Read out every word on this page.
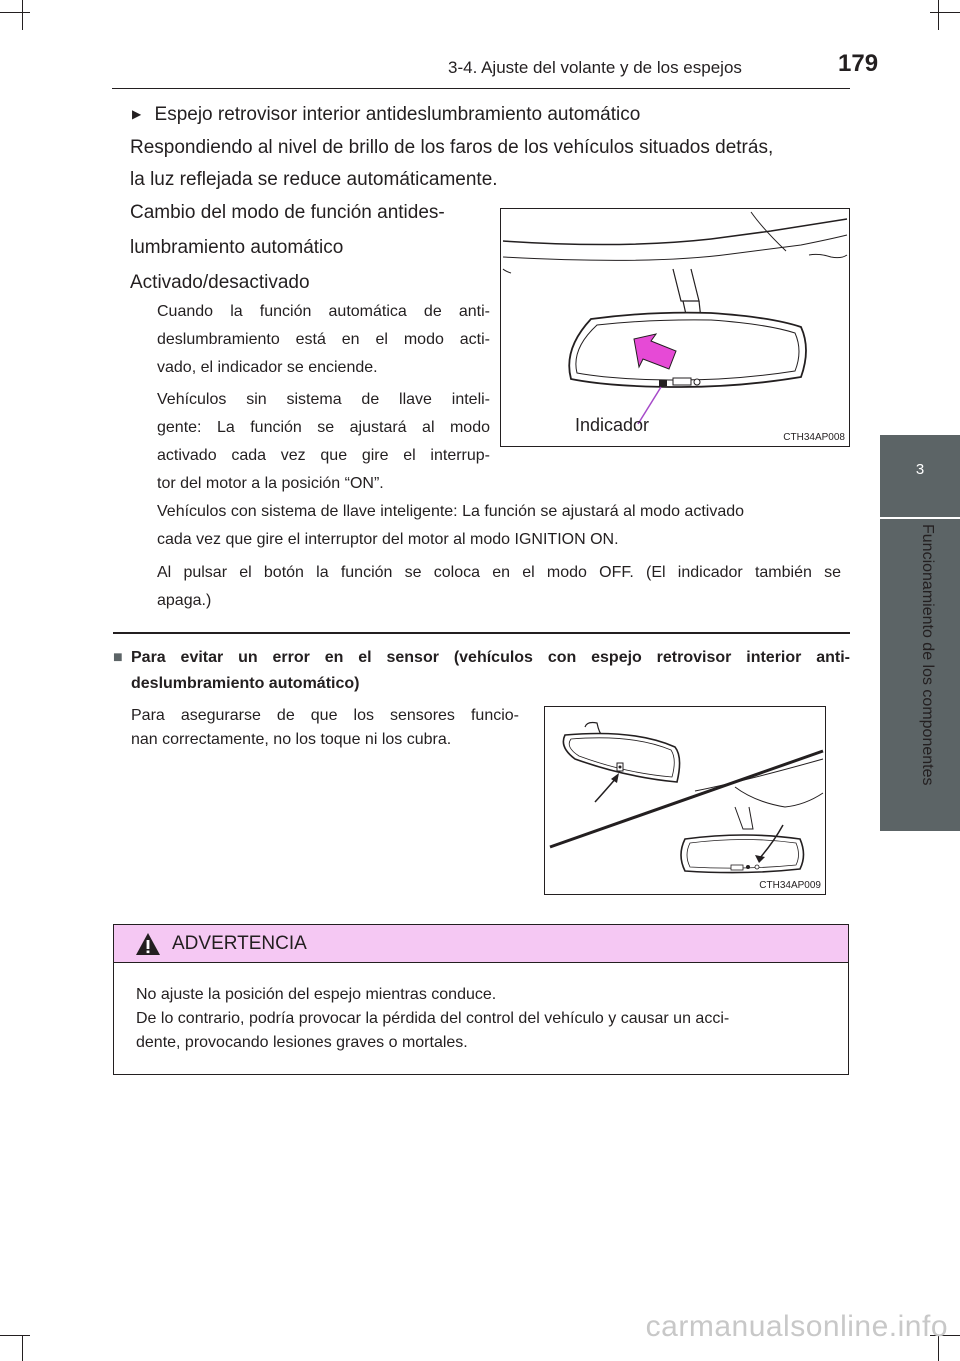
3-4. Ajuste del volante y de los espejos	179
3
Funcionamiento de los componentes
▶ Espejo retrovisor interior antideslumbramiento automático
Respondiendo al nivel de brillo de los faros de los vehículos situados detrás,
la luz reflejada se reduce automáticamente.
Cambio del modo de función antides-
lumbramiento automático
Activado/desactivado
Cuando la función automática de anti-
deslumbramiento está en el modo acti-
vado, el indicador se enciende.
Vehículos sin sistema de llave inteli-
gente: La función se ajustará al modo
activado cada vez que gire el interrup-
tor del motor a la posición “ON”.
Vehículos con sistema de llave inteligente: La función se ajustará al modo activado
cada vez que gire el interruptor del motor al modo IGNITION ON.
Al pulsar el botón la función se coloca en el modo OFF. (El indicador también se
apaga.)
Indicador
CTH34AP008
■ Para evitar un error en el sensor (vehículos con espejo retrovisor interior anti-
deslumbramiento automático)
Para asegurarse de que los sensores funcio-
nan correctamente, no los toque ni los cubra.
CTH34AP009
ADVERTENCIA
No ajuste la posición del espejo mientras conduce.
De lo contrario, podría provocar la pérdida del control del vehículo y causar un acci-
dente, provocando lesiones graves o mortales.
carmanualsonline.info
